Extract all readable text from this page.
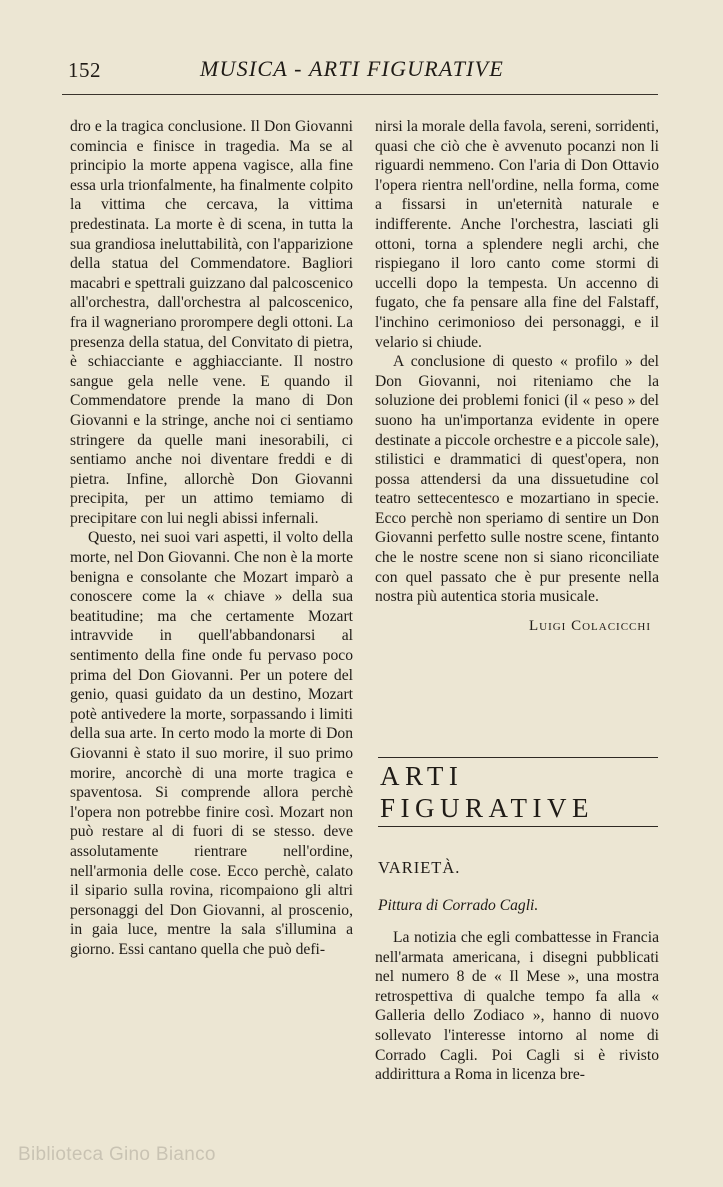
152	MUSICA - ARTI FIGURATIVE

dro e la tragica conclusione. Il Don Giovanni comincia e finisce in tragedia. Ma se al principio la morte appena vagisce, alla fine essa urla trionfalmente, ha finalmente colpito la vittima che cercava, la vittima predestinata. La morte è di scena, in tutta la sua grandiosa ineluttabilità, con l'apparizione della statua del Commendatore. Bagliori macabri e spettrali guizzano dal palcoscenico all'orchestra, dall'orchestra al palcoscenico, fra il wagneriano prorompere degli ottoni. La presenza della statua, del Convitato di pietra, è schiacciante e agghiacciante. Il nostro sangue gela nelle vene. E quando il Commendatore prende la mano di Don Giovanni e la stringe, anche noi ci sentiamo stringere da quelle mani inesorabili, ci sentiamo anche noi diventare freddi e di pietra. Infine, allorchè Don Giovanni precipita, per un attimo temiamo di precipitare con lui negli abissi infernali.

Questo, nei suoi vari aspetti, il volto della morte, nel Don Giovanni. Che non è la morte benigna e consolante che Mozart imparò a conoscere come la « chiave » della sua beatitudine; ma che certamente Mozart intravvide in quell'abbandonarsi al sentimento della fine onde fu pervaso poco prima del Don Giovanni. Per un potere del genio, quasi guidato da un destino, Mozart potè antivedere la morte, sorpassando i limiti della sua arte. In certo modo la morte di Don Giovanni è stato il suo morire, il suo primo morire, ancorchè di una morte tragica e spaventosa. Si comprende allora perchè l'opera non potrebbe finire così. Mozart non può restare al di fuori di se stesso. deve assolutamente rientrare nell'ordine, nell'armonia delle cose. Ecco perchè, calato il sipario sulla rovina, ricompaiono gli altri personaggi del Don Giovanni, al proscenio, in gaia luce, mentre la sala s'illumina a giorno. Essi cantano quella che può defi-

nirsi la morale della favola, sereni, sorridenti, quasi che ciò che è avvenuto pocanzi non li riguardi nemmeno. Con l'aria di Don Ottavio l'opera rientra nell'ordine, nella forma, come a fissarsi in un'eternità naturale e indifferente. Anche l'orchestra, lasciati gli ottoni, torna a splendere negli archi, che rispiegano il loro canto come stormi di uccelli dopo la tempesta. Un accenno di fugato, che fa pensare alla fine del Falstaff, l'inchino cerimonioso dei personaggi, e il velario si chiude.

A conclusione di questo « profilo » del Don Giovanni, noi riteniamo che la soluzione dei problemi fonici (il « peso » del suono ha un'importanza evidente in opere destinate a piccole orchestre e a piccole sale), stilistici e drammatici di quest'opera, non possa attendersi da una dissuetudine col teatro settecentesco e mozartiano in specie. Ecco perchè non speriamo di sentire un Don Giovanni perfetto sulle nostre scene, fintanto che le nostre scene non si siano riconciliate con quel passato che è pur presente nella nostra più autentica storia musicale.

Luigi Colacicchi

ARTI
FIGURATIVE
VARIETÀ.
Pittura di Corrado Cagli.

La notizia che egli combattesse in Francia nell'armata americana, i disegni pubblicati nel numero 8 de « Il Mese », una mostra retrospettiva di qualche tempo fa alla « Galleria dello Zodiaco », hanno di nuovo sollevato l'interesse intorno al nome di Corrado Cagli. Poi Cagli si è rivisto addirittura a Roma in licenza bre-

Biblioteca Gino Bianco
